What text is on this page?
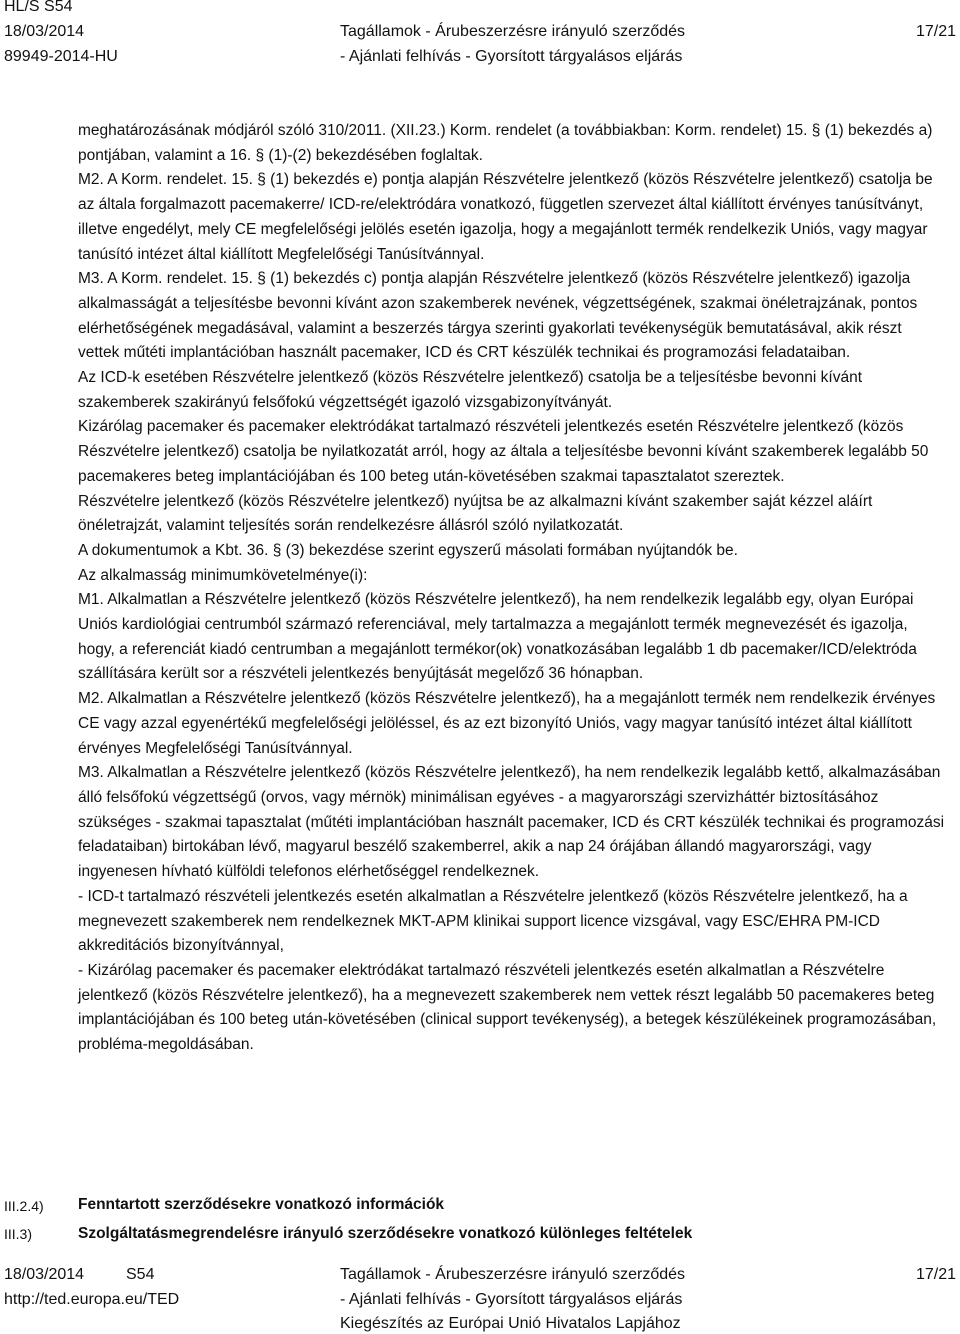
HL/S S54
18/03/2014
89949-2014-HU
Tagállamok - Árubeszerzésre irányuló szerződés
- Ajánlati felhívás - Gyorsított tárgyalásos eljárás
17/21

meghatározásának módjáról szóló 310/2011. (XII.23.) Korm. rendelet (a továbbiakban: Korm. rendelet) 15. § (1) bekezdés a) pontjában, valamint a 16. § (1)-(2) bekezdésében foglaltak.

M2. A Korm. rendelet. 15. § (1) bekezdés e) pontja alapján Részvételre jelentkező (közös Részvételre jelentkező) csatolja be az általa forgalmazott pacemakerre/ ICD-re/elektródára vonatkozó, független szervezet által kiállított érvényes tanúsítványt, illetve engedélyt, mely CE megfelelőségi jelölés esetén igazolja, hogy a megajánlott termék rendelkezik Uniós, vagy magyar tanúsító intézet által kiállított Megfelelőségi Tanúsítvánnyal.

M3. A Korm. rendelet. 15. § (1) bekezdés c) pontja alapján Részvételre jelentkező (közös Részvételre jelentkező) igazolja alkalmasságát a teljesítésbe bevonni kívánt azon szakemberek nevének, végzettségének, szakmai önéletrajzának, pontos elérhetőségének megadásával, valamint a beszerzés tárgya szerinti gyakorlati tevékenységük bemutatásával, akik részt vettek műtéti implantációban használt pacemaker, ICD és CRT készülék technikai és programozási feladataiban.

Az ICD-k esetében Részvételre jelentkező (közös Részvételre jelentkező) csatolja be a teljesítésbe bevonni kívánt szakemberek szakirányú felsőfokú végzettségét igazoló vizsgabizonyítványát.

Kizárólag pacemaker és pacemaker elektródákat tartalmazó részvételi jelentkezés esetén Részvételre jelentkező (közös Részvételre jelentkező) csatolja be nyilatkozatát arról, hogy az általa a teljesítésbe bevonni kívánt szakemberek legalább 50 pacemakeres beteg implantációjában és 100 beteg után-követésében szakmai tapasztalatot szereztek.

Részvételre jelentkező (közös Részvételre jelentkező) nyújtsa be az alkalmazni kívánt szakember saját kézzel aláírt önéletrajzát, valamint teljesítés során rendelkezésre állásról szóló nyilatkozatát.

A dokumentumok a Kbt. 36. § (3) bekezdése szerint egyszerű másolati formában nyújtandók be.

Az alkalmasság minimumkövetelménye(i):

M1. Alkalmatlan a Részvételre jelentkező (közös Részvételre jelentkező), ha nem rendelkezik legalább egy, olyan Európai Uniós kardiológiai centrumból származó referenciával, mely tartalmazza a megajánlott termék megnevezését és igazolja, hogy, a referenciát kiadó centrumban a megajánlott termékor(ok) vonatkozásában legalább 1 db pacemaker/ICD/elektróda szállítására került sor a részvételi jelentkezés benyújtását megelőző 36 hónapban.

M2. Alkalmatlan a Részvételre jelentkező (közös Részvételre jelentkező), ha a megajánlott termék nem rendelkezik érvényes CE vagy azzal egyenértékű megfelelőségi jelöléssel, és az ezt bizonyító Uniós, vagy magyar tanúsító intézet által kiállított érvényes Megfelelőségi Tanúsítvánnyal.

M3. Alkalmatlan a Részvételre jelentkező (közös Részvételre jelentkező), ha nem rendelkezik legalább kettő, alkalmazásában álló felsőfokú végzettségű (orvos, vagy mérnök) minimálisan egyéves - a magyarországi szervizháttér biztosításához szükséges - szakmai tapasztalat (műtéti implantációban használt pacemaker, ICD és CRT készülék technikai és programozási feladataiban) birtokában lévő, magyarul beszélő szakemberrel, akik a nap 24 órájában állandó magyarországi, vagy ingyenesen hívható külföldi telefonos elérhetőséggel rendelkeznek.

- ICD-t tartalmazó részvételi jelentkezés esetén alkalmatlan a Részvételre jelentkező (közös Részvételre jelentkező, ha a megnevezett szakemberek nem rendelkeznek MKT-APM klinikai support licence vizsgával, vagy ESC/EHRA PM-ICD akkreditációs bizonyítvánnyal,

- Kizárólag pacemaker és pacemaker elektródákat tartalmazó részvételi jelentkezés esetén alkalmatlan a Részvételre jelentkező (közös Részvételre jelentkező), ha a megnevezett szakemberek nem vettek részt legalább 50 pacemakeres beteg implantációjában és 100 beteg után-követésében (clinical support tevékenység), a betegek készülékeinek programozásában, probléma-megoldásában.

III.2.4) Fenntartott szerződésekre vonatkozó információk
III.3)	Szolgáltatásmegrendelésre irányuló szerződésekre vonatkozó különleges feltételek
18/03/2014	S54
http://ted.europa.eu/TED
Tagállamok - Árubeszerzésre irányuló szerződés
- Ajánlati felhívás - Gyorsított tárgyalásos eljárás
Kiegészítés az Európai Unió Hivatalos Lapjához
17/21
